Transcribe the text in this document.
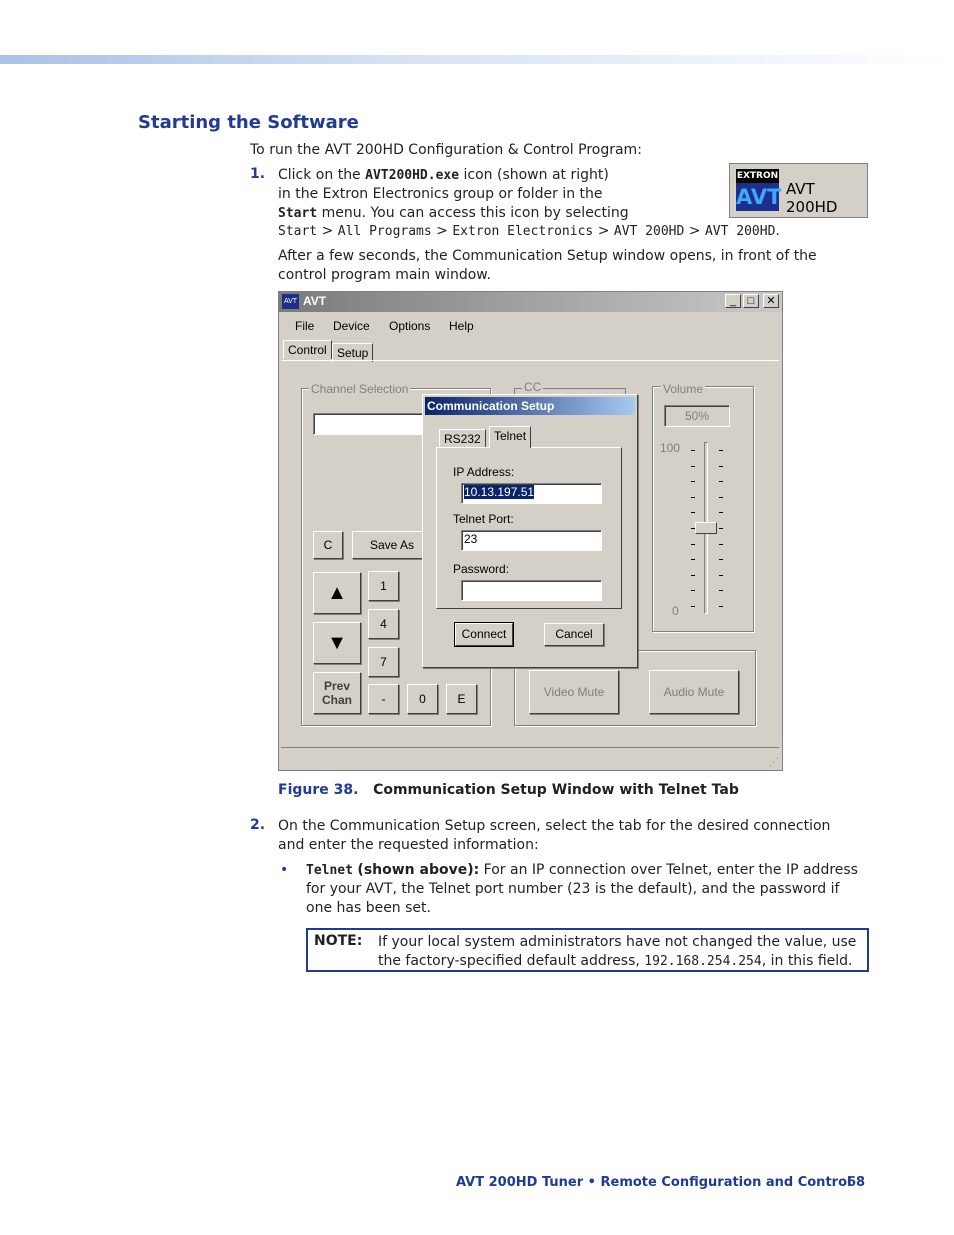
Starting the Software

To run the AVT 200HD Configuration & Control Program:

1. Click on the AVT200HD.exe icon (shown at right)
in the Extron Electronics group or folder in the
Start menu. You can access this icon by selecting
Start > All Programs > Extron Electronics > AVT 200HD > AVT 200HD.
EXTRON
AVT AVT 200HD

After a few seconds, the Communication Setup window opens, in front of the control program main window.

AVT AVT	_	□	✕
File Device Options Help
Control Setup
Channel Selection
C	Save As
▲
▼
Prev Chan
1
4
7
-	0	E
CC
Video Mute	Audio Mute
Volume
50%
100
0
⋰
Communication Setup
RS232	Telnet
IP Address:
10.13.197.51
Telnet Port:
23
Password:
Connect	Cancel
Figure 38. Communication Setup Window with Telnet Tab
2. On the Communication Setup screen, select the tab for the desired connection and enter the requested information:

• Telnet (shown above): For an IP connection over Telnet, enter the IP address for your AVT, the Telnet port number (23 is the default), and the password if one has been set.

NOTE: If your local system administrators have not changed the value, use the factory-specified default address, 192.168.254.254, in this field.
AVT 200HD Tuner • Remote Configuration and Control
68
